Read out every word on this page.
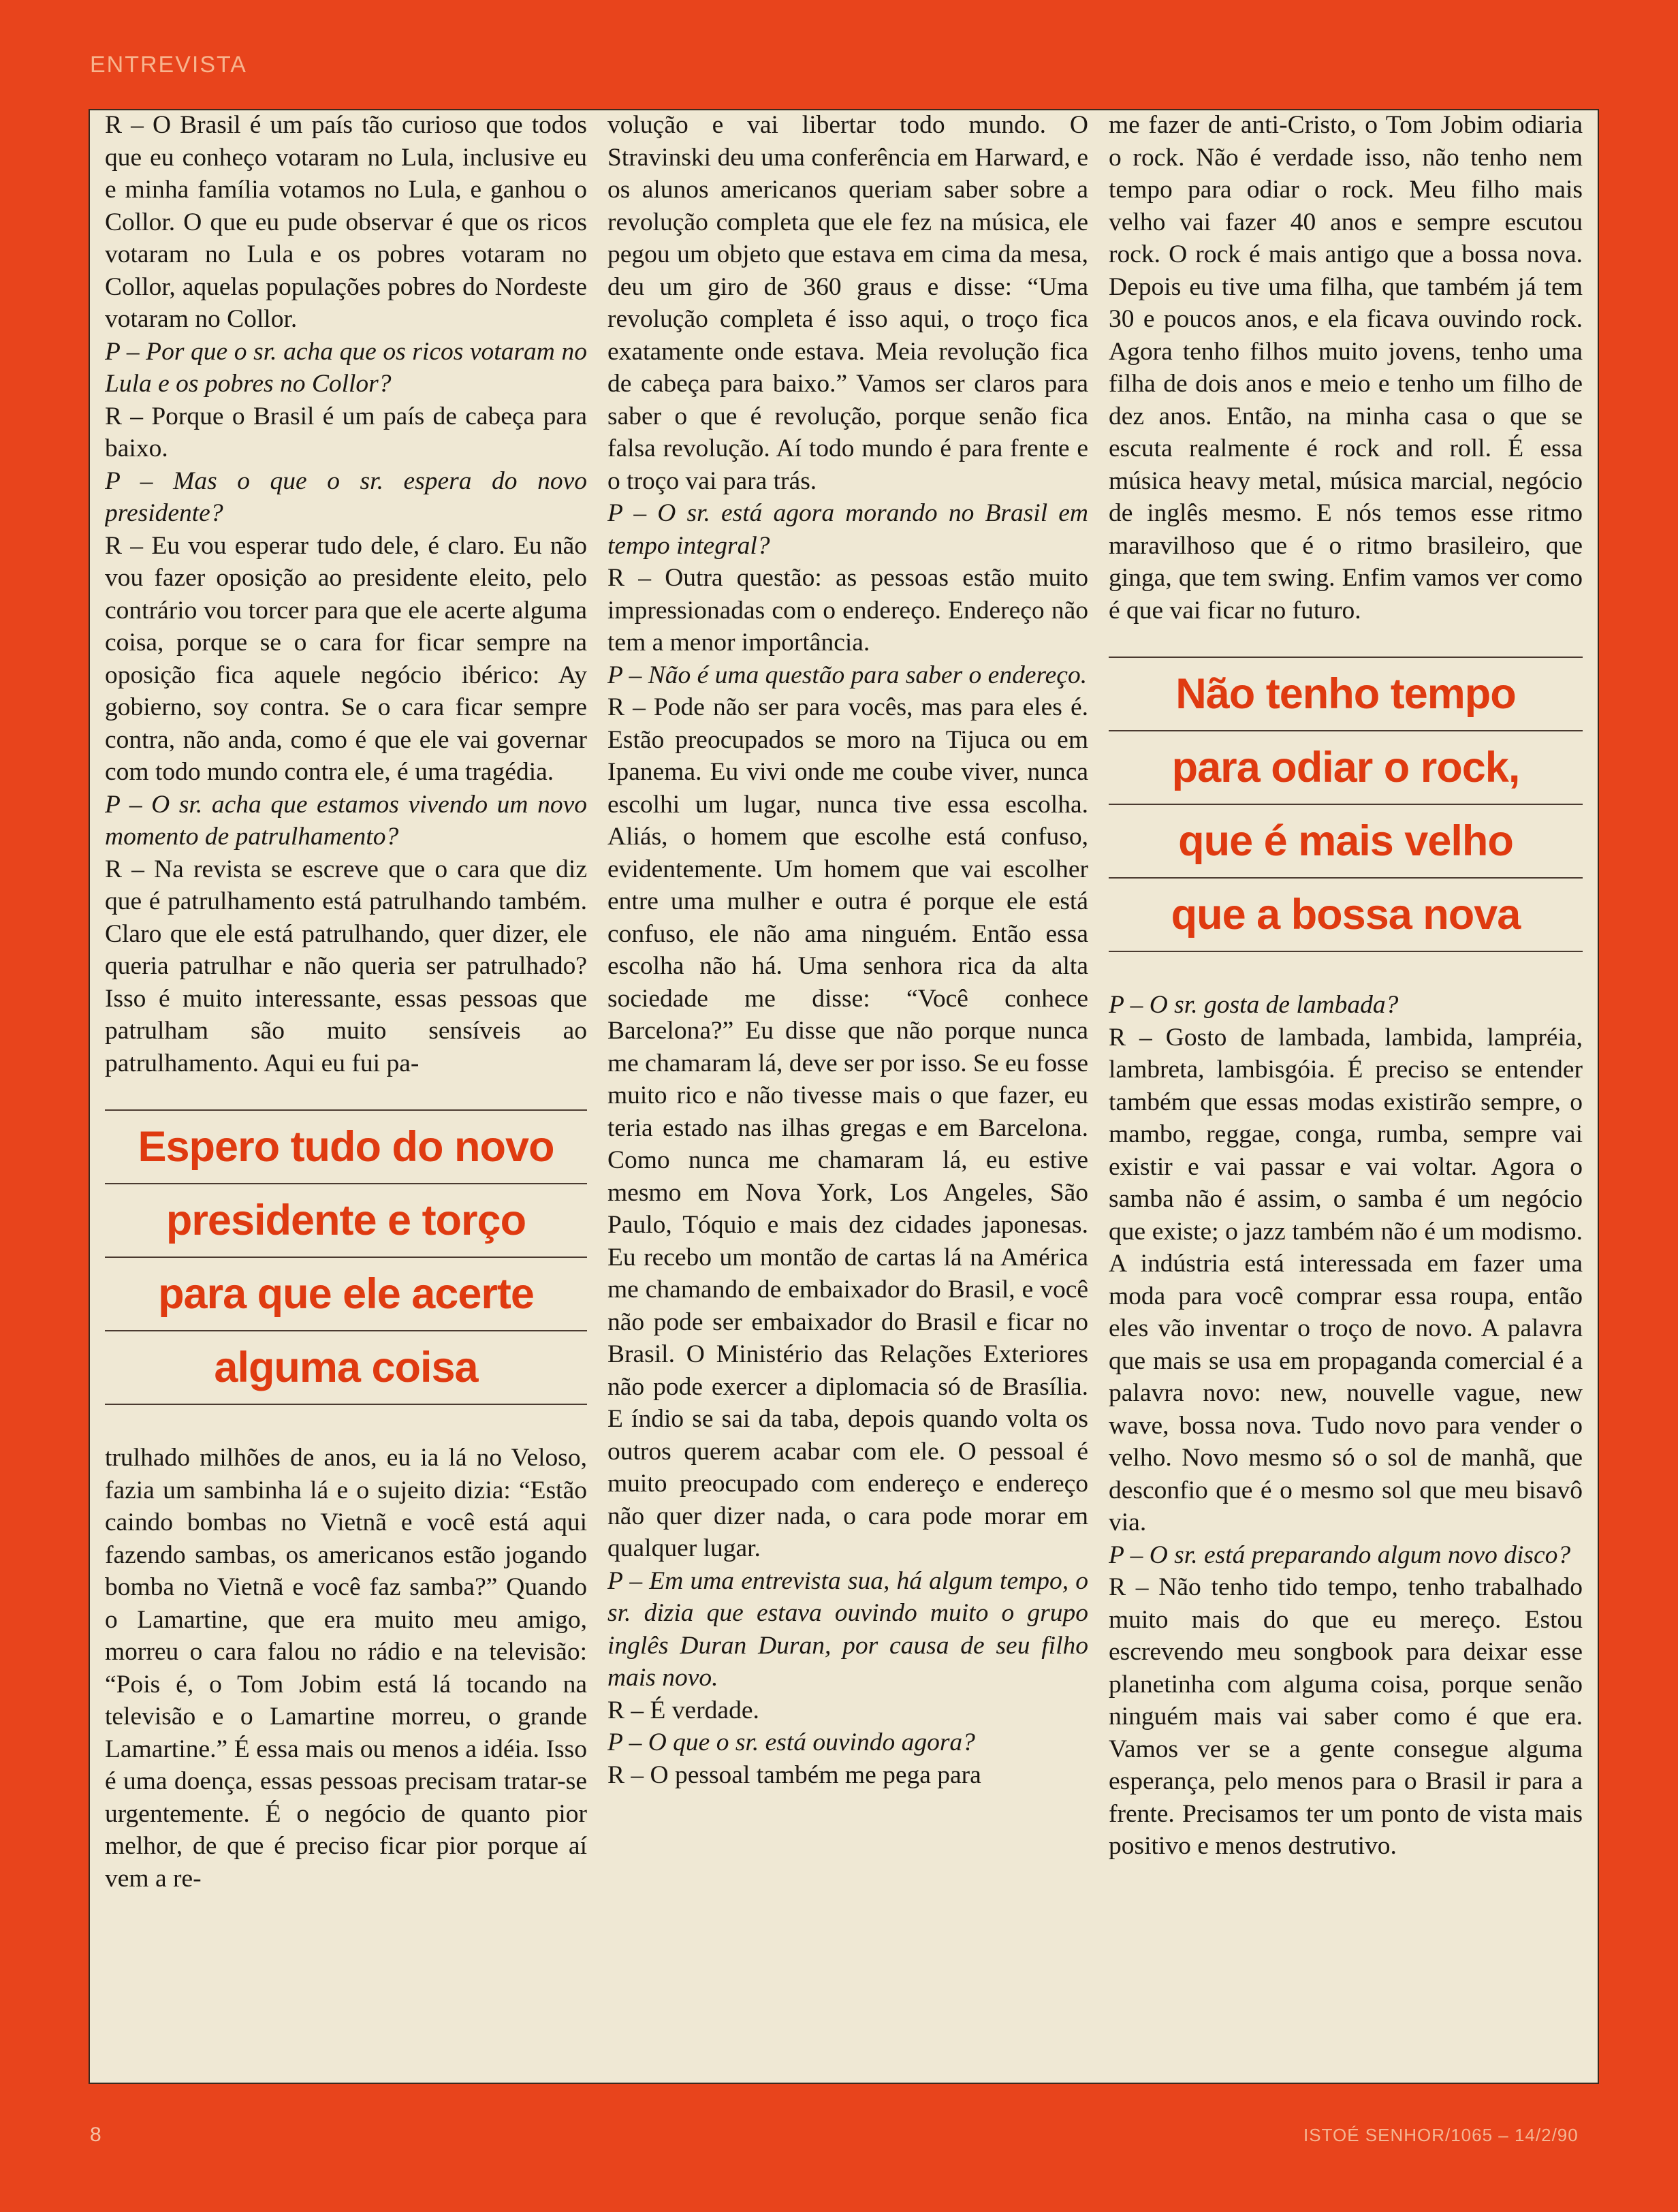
ENTREVISTA

R – O Brasil é um país tão curioso que todos que eu conheço votaram no Lula, inclusive eu e minha família votamos no Lula, e ganhou o Collor. O que eu pude observar é que os ricos votaram no Lula e os pobres votaram no Collor, aquelas populações pobres do Nordeste votaram no Collor.

P – Por que o sr. acha que os ricos votaram no Lula e os pobres no Collor?

R – Porque o Brasil é um país de cabeça para baixo.

P – Mas o que o sr. espera do novo presidente?

R – Eu vou esperar tudo dele, é claro. Eu não vou fazer oposição ao presidente eleito, pelo contrário vou torcer para que ele acerte alguma coisa, porque se o cara for ficar sempre na oposição fica aquele negócio ibérico: Ay gobierno, soy contra. Se o cara ficar sempre contra, não anda, como é que ele vai governar com todo mundo contra ele, é uma tragédia.

P – O sr. acha que estamos vivendo um novo momento de patrulhamento?

R – Na revista se escreve que o cara que diz que é patrulhamento está patrulhando também. Claro que ele está patrulhando, quer dizer, ele queria patrulhar e não queria ser patrulhado? Isso é muito interessante, essas pessoas que patrulham são muito sensíveis ao patrulhamento. Aqui eu fui pa-

Espero tudo do novo
presidente e torço
para que ele acerte
alguma coisa

trulhado milhões de anos, eu ia lá no Veloso, fazia um sambinha lá e o sujeito dizia: “Estão caindo bombas no Vietnã e você está aqui fazendo sambas, os americanos estão jogando bomba no Vietnã e você faz samba?” Quando o Lamartine, que era muito meu amigo, morreu o cara falou no rádio e na televisão: “Pois é, o Tom Jobim está lá tocando na televisão e o Lamartine morreu, o grande Lamartine.” É essa mais ou menos a idéia. Isso é uma doença, essas pessoas precisam tratar-se urgentemente. É o negócio de quanto pior melhor, de que é preciso ficar pior porque aí vem a re-

volução e vai libertar todo mundo. O Stravinski deu uma conferência em Harward, e os alunos americanos queriam saber sobre a revolução completa que ele fez na música, ele pegou um objeto que estava em cima da mesa, deu um giro de 360 graus e disse: “Uma revolução completa é isso aqui, o troço fica exatamente onde estava. Meia revolução fica de cabeça para baixo.” Vamos ser claros para saber o que é revolução, porque senão fica falsa revolução. Aí todo mundo é para frente e o troço vai para trás.

P – O sr. está agora morando no Brasil em tempo integral?

R – Outra questão: as pessoas estão muito impressionadas com o endereço. Endereço não tem a menor importância.

P – Não é uma questão para saber o endereço.

R – Pode não ser para vocês, mas para eles é. Estão preocupados se moro na Tijuca ou em Ipanema. Eu vivi onde me coube viver, nunca escolhi um lugar, nunca tive essa escolha. Aliás, o homem que escolhe está confuso, evidentemente. Um homem que vai escolher entre uma mulher e outra é porque ele está confuso, ele não ama ninguém. Então essa escolha não há. Uma senhora rica da alta sociedade me disse: “Você conhece Barcelona?” Eu disse que não porque nunca me chamaram lá, deve ser por isso. Se eu fosse muito rico e não tivesse mais o que fazer, eu teria estado nas ilhas gregas e em Barcelona. Como nunca me chamaram lá, eu estive mesmo em Nova York, Los Angeles, São Paulo, Tóquio e mais dez cidades japonesas. Eu recebo um montão de cartas lá na América me chamando de embaixador do Brasil, e você não pode ser embaixador do Brasil e ficar no Brasil. O Ministério das Relações Exteriores não pode exercer a diplomacia só de Brasília. E índio se sai da taba, depois quando volta os outros querem acabar com ele. O pessoal é muito preocupado com endereço e endereço não quer dizer nada, o cara pode morar em qualquer lugar.

P – Em uma entrevista sua, há algum tempo, o sr. dizia que estava ouvindo muito o grupo inglês Duran Duran, por causa de seu filho mais novo.

R – É verdade.

P – O que o sr. está ouvindo agora?

R – O pessoal também me pega para

me fazer de anti-Cristo, o Tom Jobim odiaria o rock. Não é verdade isso, não tenho nem tempo para odiar o rock. Meu filho mais velho vai fazer 40 anos e sempre escutou rock. O rock é mais antigo que a bossa nova. Depois eu tive uma filha, que também já tem 30 e poucos anos, e ela ficava ouvindo rock. Agora tenho filhos muito jovens, tenho uma filha de dois anos e meio e tenho um filho de dez anos. Então, na minha casa o que se escuta realmente é rock and roll. É essa música heavy metal, música marcial, negócio de inglês mesmo. E nós temos esse ritmo maravilhoso que é o ritmo brasileiro, que ginga, que tem swing. Enfim vamos ver como é que vai ficar no futuro.

Não tenho tempo
para odiar o rock,
que é mais velho
que a bossa nova

P – O sr. gosta de lambada?

R – Gosto de lambada, lambida, lampréia, lambreta, lambisgóia. É preciso se entender também que essas modas existirão sempre, o mambo, reggae, conga, rumba, sempre vai existir e vai passar e vai voltar. Agora o samba não é assim, o samba é um negócio que existe; o jazz também não é um modismo. A indústria está interessada em fazer uma moda para você comprar essa roupa, então eles vão inventar o troço de novo. A palavra que mais se usa em propaganda comercial é a palavra novo: new, nouvelle vague, new wave, bossa nova. Tudo novo para vender o velho. Novo mesmo só o sol de manhã, que desconfio que é o mesmo sol que meu bisavô via.

P – O sr. está preparando algum novo disco?

R – Não tenho tido tempo, tenho trabalhado muito mais do que eu mereço. Estou escrevendo meu songbook para deixar esse planetinha com alguma coisa, porque senão ninguém mais vai saber como é que era. Vamos ver se a gente consegue alguma esperança, pelo menos para o Brasil ir para a frente. Precisamos ter um ponto de vista mais positivo e menos destrutivo.

8	ISTOÉ SENHOR/1065 – 14/2/90
